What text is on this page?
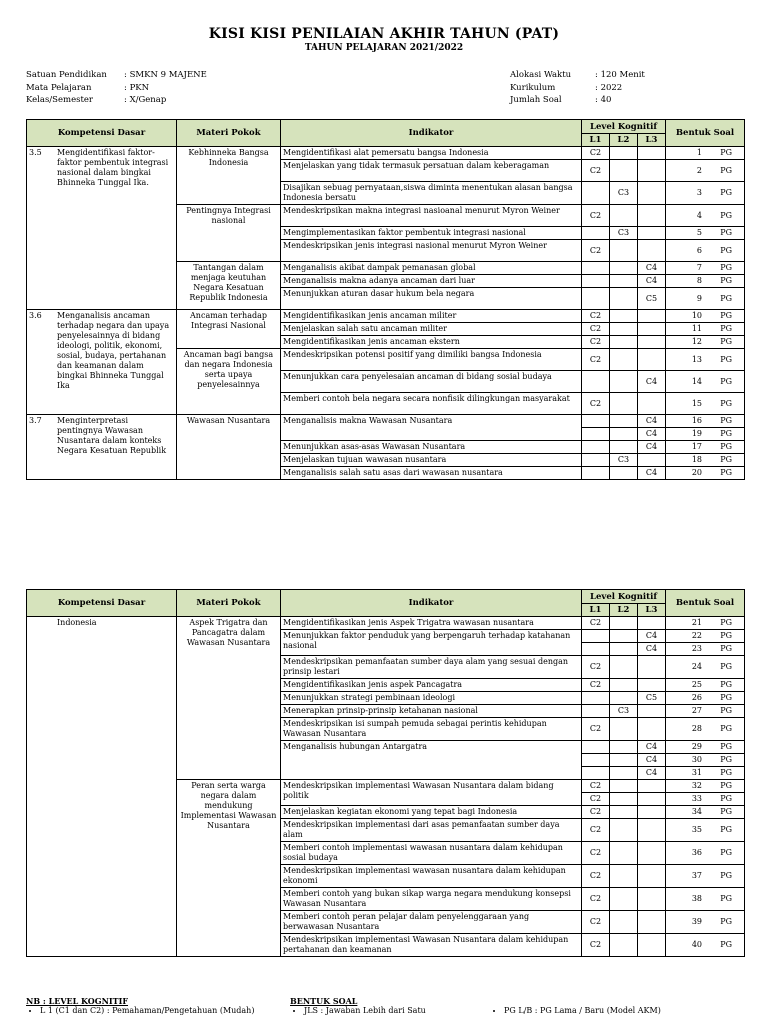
KISI KISI PENILAIAN AKHIR TAHUN (PAT)
TAHUN PELAJARAN 2021/2022
Satuan Pendidikan	: SMKN 9 MAJENE
Mata Pelajaran	: PKN
Kelas/Semester	: X/Genap
Alokasi Waktu	: 120 Menit
Kurikulum	: 2022
Jumlah Soal	: 40
Kompetensi Dasar	Materi Pokok	Indikator	Level Kognitif			Bentuk Soal
			L1	L2	L3	
3.5 Mengidentifikasi faktor-faktor pembentuk integrasi nasional dalam bingkai Bhinneka Tunggal Ika.	Kebhinneka Bangsa Indonesia	Mengidentifikasi alat pemersatu bangsa Indonesia	C2			1 PG
		Menjelaskan yang tidak termasuk persatuan dalam keberagaman	C2			2 PG
		Disajikan sebuag pernyataan,siswa diminta menentukan alasan bangsa Indonesia bersatu		C3		3 PG
	Pentingnya Integrasi nasional	Mendeskripsikan makna integrasi nasioanal menurut Myron Weiner	C2			4 PG
		Mengimplementasikan faktor pembentuk integrasi nasional		C3		5 PG
		Mendeskripsikan jenis integrasi nasional menurut Myron Weiner	C2			6 PG
	Tantangan dalam menjaga keutuhan Negara Kesatuan Republik Indonesia	Menganalisis akibat dampak pemanasan global			C4	7 PG
		Menganalisis makna adanya ancaman dari luar			C4	8 PG
		Menunjukkan aturan dasar hukum bela negara			C5	9 PG
3.6 Menganalisis ancaman terhadap negara dan upaya penyelesainnya di bidang ideologi, politik, ekonomi, sosial, budaya, pertahanan dan keamanan dalam bingkai Bhinneka Tunggal Ika	Ancaman terhadap Integrasi Nasional	Mengidentifikasikan jenis ancaman militer	C2			10 PG
		Menjelaskan salah satu ancaman militer	C2			11 PG
		Mengidentifikasikan jenis ancaman ekstern	C2			12 PG
	Ancaman bagi bangsa dan negara Indonesia serta upaya penyelesainnya	Mendeskripsikan potensi positif yang dimiliki bangsa Indonesia	C2			13 PG
		Menunjukkan cara penyelesaian ancaman di bidang sosial budaya			C4	14 PG
		Memberi contoh bela negara secara nonfisik dilingkungan masyarakat	C2			15 PG
3.7 Menginterpretasi pentingnya Wawasan Nusantara dalam konteks Negara Kesatuan Republik	Wawasan Nusantara	Menganalisis makna Wawasan Nusantara			C4	16 PG
					C4	19 PG
		Menunjukkan asas-asas Wawasan Nusantara			C4	17 PG
		Menjelaskan tujuan wawasan nusantara		C3		18 PG
		Menganalisis salah satu asas dari wawasan nusantara			C4	20 PG
Kompetensi Dasar	Materi Pokok	Indikator	Level Kognitif			Bentuk Soal
			L1	L2	L3	
Indonesia	Aspek Trigatra dan Pancagatra dalam Wawasan Nusantara	Mengidentifikasikan jenis Aspek Trigatra wawasan nusantara	C2			21 PG
		Menunjukkan faktor penduduk yang berpengaruh terhadap katahanan nasional			C4	22 PG
					C4	23 PG
		Mendeskripsikan pemanfaatan sumber daya alam yang sesuai dengan prinsip lestari	C2			24 PG
		Mengidentifikasikan jenis aspek Pancagatra	C2			25 PG
		Menunjukkan strategi pembinaan ideologi			C5	26 PG
		Menerapkan prinsip-prinsip ketahanan nasional		C3		27 PG
		Mendeskripsikan isi sumpah pemuda sebagai perintis kehidupan Wawasan Nusantara	C2			28 PG
		Menganalisis hubungan Antargatra			C4	29 PG
					C4	30 PG
					C4	31 PG
	Peran serta warga negara dalam mendukung Implementasi Wawasan Nusantara	Mendeskripsikan implementasi Wawasan Nusantara dalam bidang politik	C2			32 PG
			C2			33 PG
		Menjelaskan kegiatan ekonomi yang tepat bagi Indonesia	C2			34 PG
		Mendeskripsikan implementasi dari asas pemanfaatan sumber daya alam	C2			35 PG
		Memberi contoh implementasi wawasan nusantara dalam kehidupan sosial budaya	C2			36 PG
		Mendeskripsikan implementasi wawasan nusantara dalam kehidupan ekonomi	C2			37 PG
		Memberi contoh yang bukan sikap warga negara mendukung konsepsi Wawasan Nusantara	C2			38 PG
		Memberi contoh peran pelajar dalam penyelenggaraan yang berwawasan Nusantara	C2			39 PG
		Mendeskripsikan implementasi Wawasan Nusantara dalam kehidupan pertahanan dan keamanan	C2			40 PG
NB : LEVEL KOGNITIF
• L 1 (C1 dan C2) : Pemahaman/Pengetahuan (Mudah)
BENTUK SOAL
• JLS : Jawaban Lebih dari Satu	• PG L/B : PG Lama / Baru (Model AKM)
